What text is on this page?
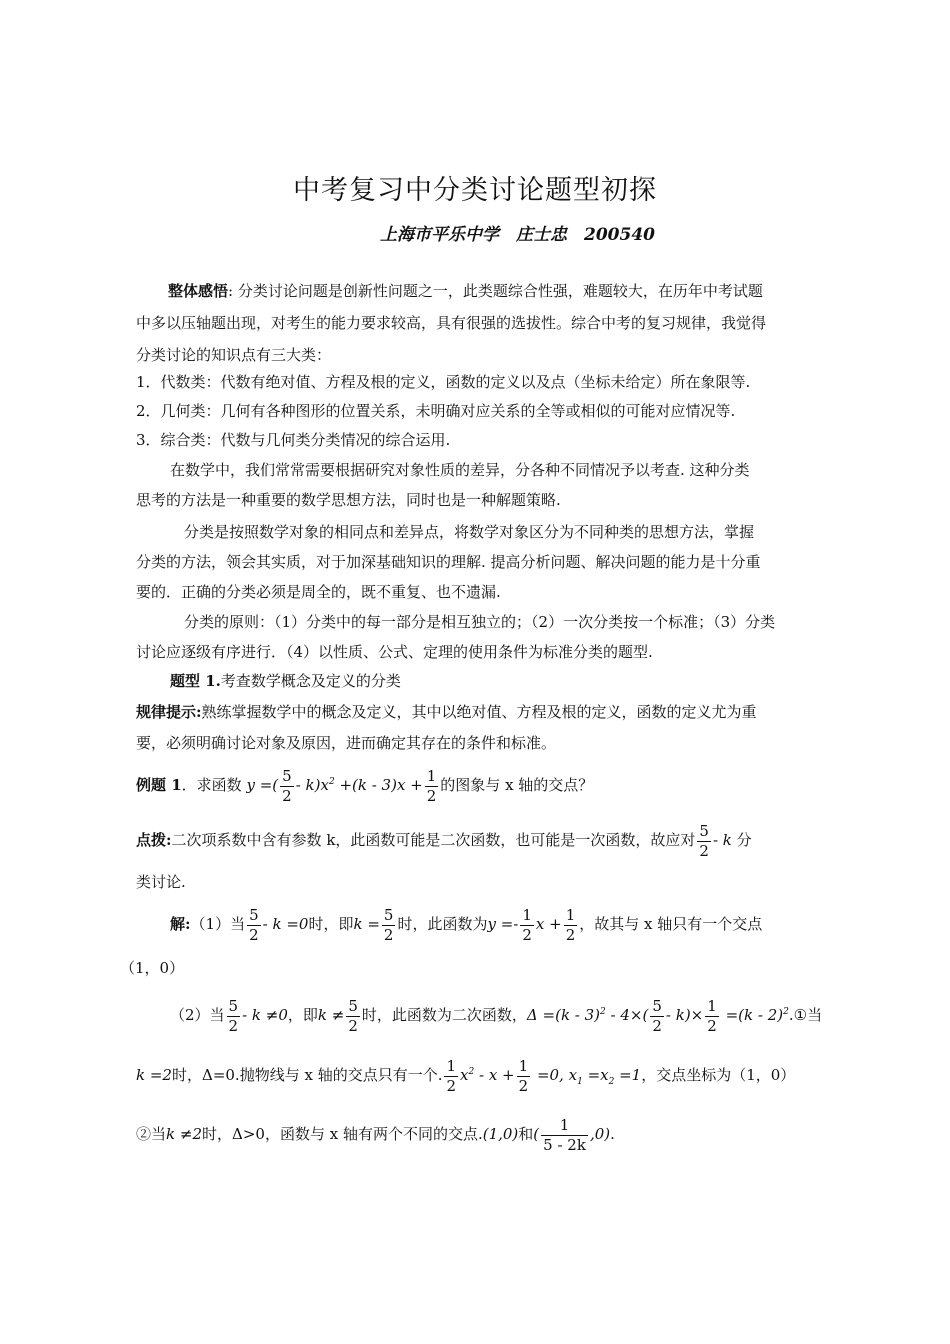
中考复习中分类讨论题型初探
上海市平乐中学　庄士忠　200540
整体感悟: 分类讨论问题是创新性问题之一，此类题综合性强，难题较大，在历年中考试题
中多以压轴题出现，对考生的能力要求较高，具有很强的选拔性。综合中考的复习规律，我觉得
分类讨论的知识点有三大类：
1．代数类：代数有绝对值、方程及根的定义，函数的定义以及点（坐标未给定）所在象限等.
2．几何类：几何有各种图形的位置关系，未明确对应关系的全等或相似的可能对应情况等.
3．综合类：代数与几何类分类情况的综合运用.
在数学中，我们常常需要根据研究对象性质的差异，分各种不同情况予以考查. 这种分类
思考的方法是一种重要的数学思想方法，同时也是一种解题策略.
分类是按照数学对象的相同点和差异点，将数学对象区分为不同种类的思想方法，掌握
分类的方法，领会其实质，对于加深基础知识的理解. 提高分析问题、解决问题的能力是十分重
要的．正确的分类必须是周全的，既不重复、也不遗漏.
分类的原则：（1）分类中的每一部分是相互独立的；（2）一次分类按一个标准；（3）分类
讨论应逐级有序进行．（4）以性质、公式、定理的使用条件为标准分类的题型.
题型 1.考查数学概念及定义的分类
规律提示:熟练掌握数学中的概念及定义，其中以绝对值、方程及根的定义，函数的定义尤为重
要，必须明确讨论对象及原因，进而确定其存在的条件和标准。
例题 1．求函数 y =( $\frac{5}{2} - k)x^2 +(k - 3)x + \frac{1}{2}$ 的图象与 x 轴的交点？
点拨:二次项系数中含有参数 k，此函数可能是二次函数，也可能是一次函数，故应对 $\frac{5}{2}$ - k 分
类讨论.
解:（1）当 $\frac{5}{2} - k =0$时，即$k = \frac{5}{2}$ 时，此函数为$y =- \frac{1}{2}$ $x + \frac{1}{2}$ ，故其与 x 轴只有一个交点
（1，0）
（2）当 $\frac{5}{2} - k \ne 0$，即$k \ne \frac{5}{2}$ 时，此函数为二次函数，$\Delta =(k - 3)^2 - 4\times( \frac{5}{2} - k)\times \frac{1}{2} =(k$ - 2)$^2$.①当
k =2时，Δ=0.抛物线与 x 轴的交点只有一个. $\frac{1}{2} x^2 - x + \frac{1}{2} =0$, $x_1 =x_2 =1$，交点坐标为（1，0）
②当k ≠2时，Δ>0，函数与 x 轴有两个不同的交点.(1,0)和( $\frac{1}{5 - 2k} ,0$).
